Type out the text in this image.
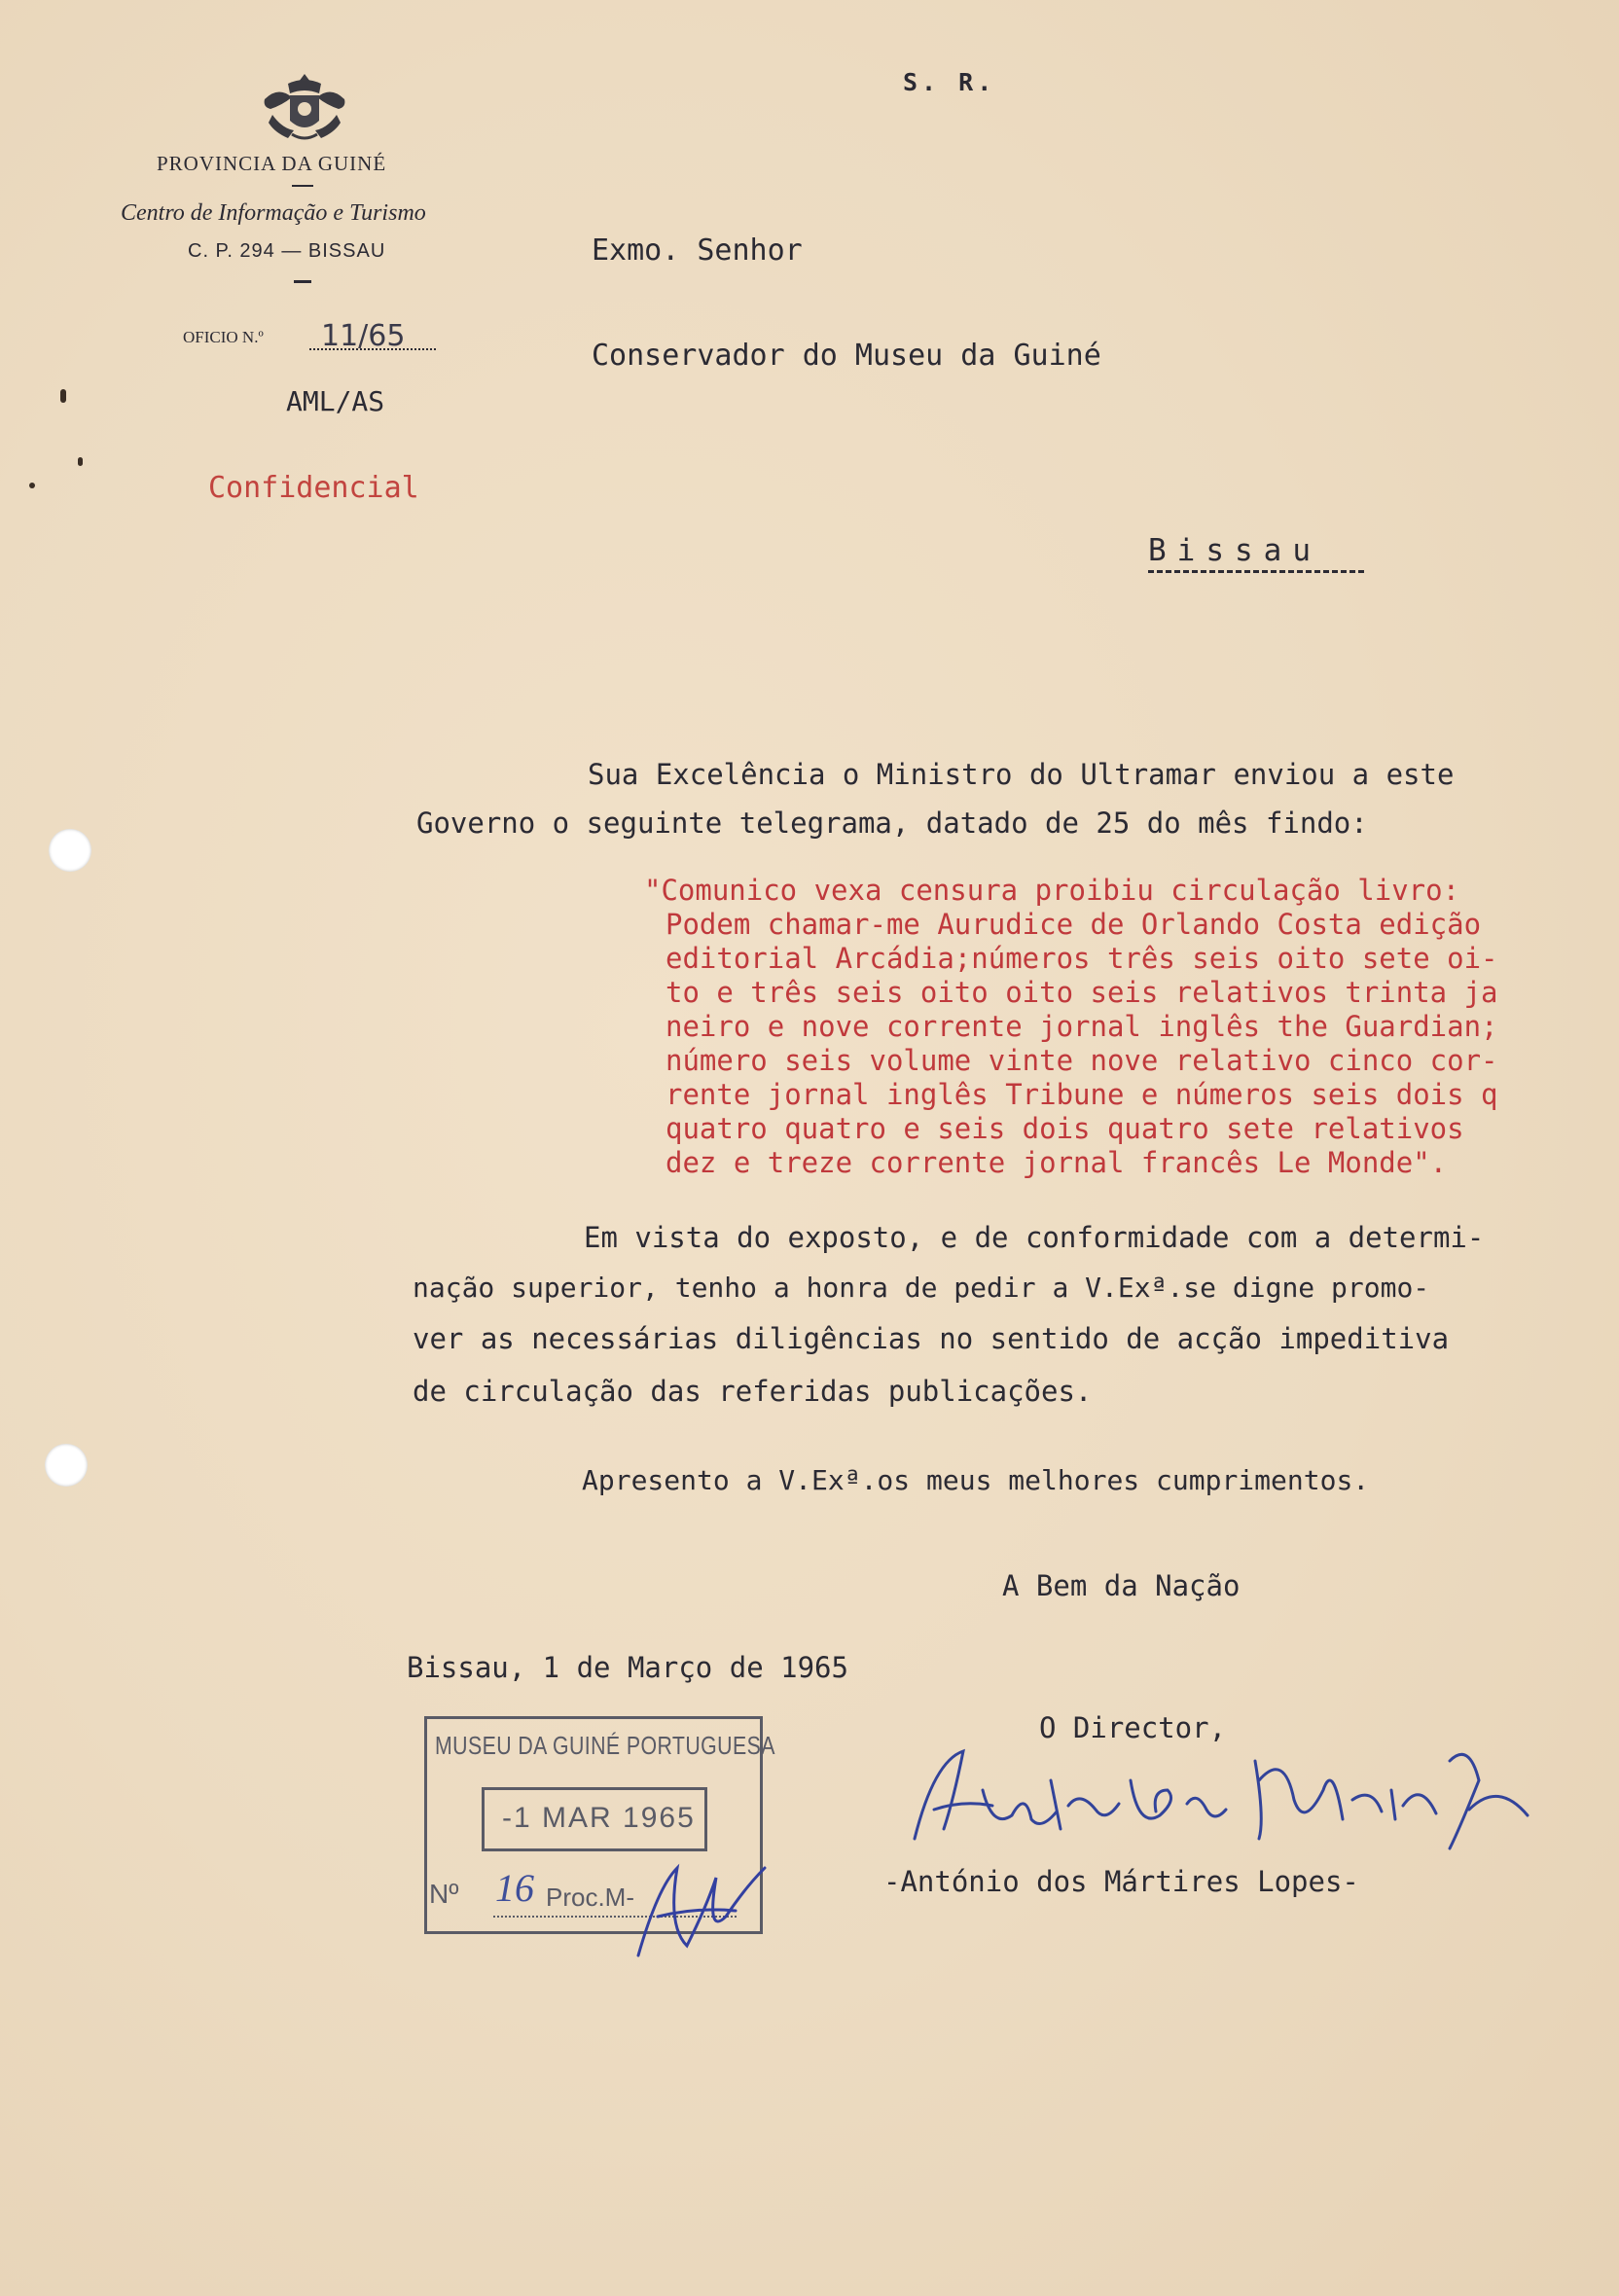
S. R.
PROVINCIA DA GUINÉ
Centro de Informação e Turismo
C. P. 294 — BISSAU
OFICIO N.º 11/65
AML/AS
Confidencial
Exmo. Senhor
Conservador do Museu da Guiné
Bissau
Sua Excelência o Ministro do Ultramar enviou a este
Governo o seguinte telegrama, datado de 25 do mês findo:
"Comunico vexa censura proibiu circulação livro:
Podem chamar-me Aurudice de Orlando Costa edição
editorial Arcádia;números três seis oito sete oi-
to e três seis oito oito seis relativos trinta ja
neiro e nove corrente jornal inglês the Guardian;
número seis volume vinte nove relativo cinco cor-
rente jornal inglês Tribune e números seis dois q
quatro quatro e seis dois quatro sete relativos
dez e treze corrente jornal francês Le Monde".
Em vista do exposto, e de conformidade com a determi-
nação superior, tenho a honra de pedir a V.Exª.se digne promo-
ver as necessárias diligências no sentido de acção impeditiva
de circulação das referidas publicações.
Apresento a V.Exª.os meus melhores cumprimentos.
A Bem da Nação
Bissau, 1 de Março de 1965
O Director,
-António dos Mártires Lopes-
MUSEU DA GUINÉ PORTUGUESA
-1 MAR 1965
Nº 16 Proc.M-
